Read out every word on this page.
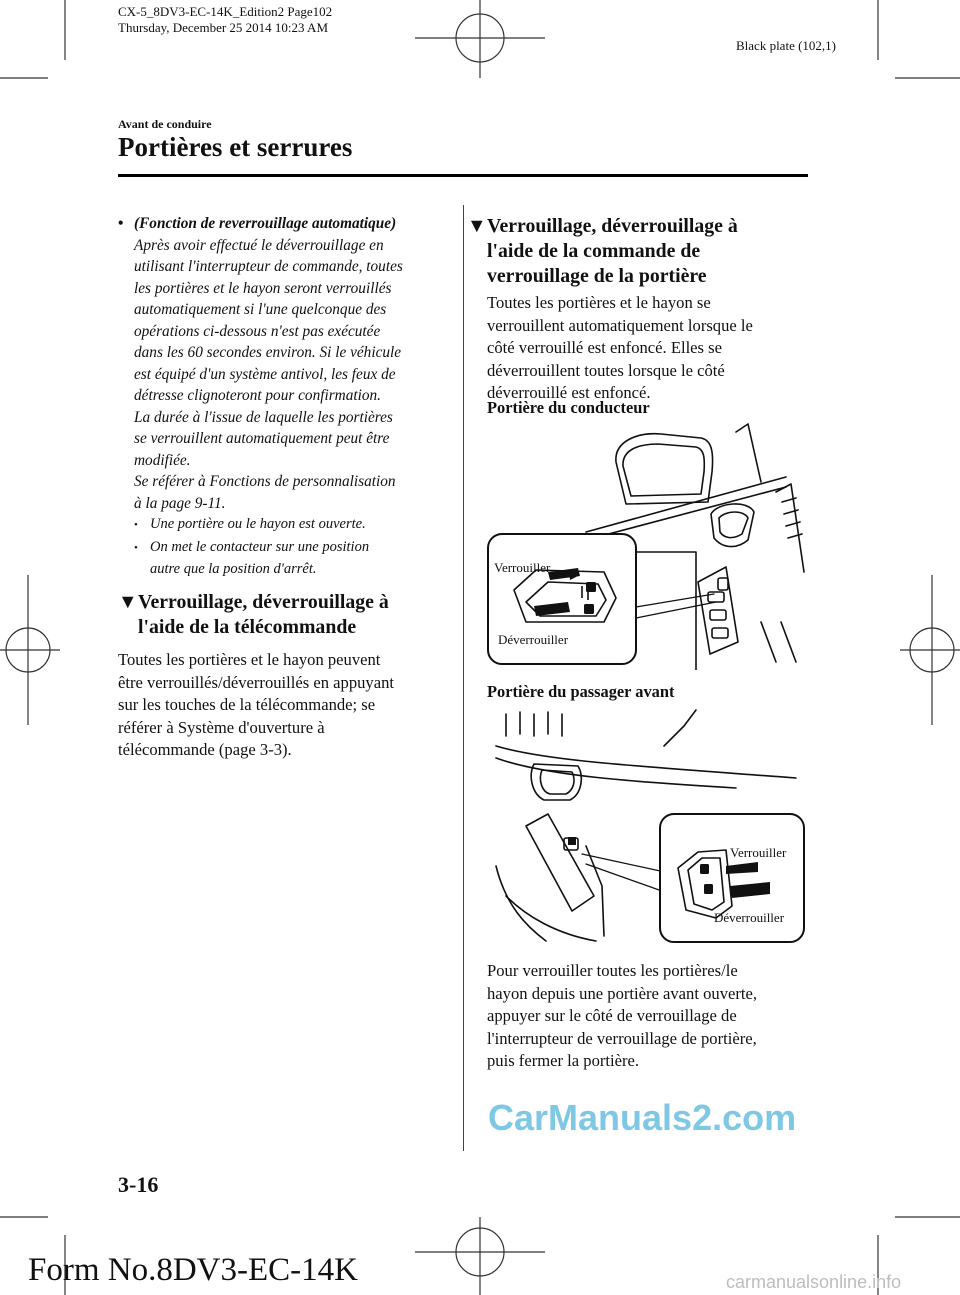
CX-5_8DV3-EC-14K_Edition2 Page102
Thursday, December 25 2014 10:23 AM
Black plate (102,1)
Avant de conduire
Portières et serrures
• (Fonction de reverrouillage automatique)
Après avoir effectué le déverrouillage en
utilisant l'interrupteur de commande, toutes
les portières et le hayon seront verrouillés
automatiquement si l'une quelconque des
opérations ci-dessous n'est pas exécutée
dans les 60 secondes environ. Si le véhicule
est équipé d'un système antivol, les feux de
détresse clignoteront pour confirmation.
La durée à l'issue de laquelle les portières
se verrouillent automatiquement peut être
modifiée.
Se référer à Fonctions de personnalisation
à la page 9-11.
• Une portière ou le hayon est ouverte.
• On met le contacteur sur une position
autre que la position d'arrêt.
▼Verrouillage, déverrouillage à
l'aide de la télécommande
Toutes les portières et le hayon peuvent
être verrouillés/déverrouillés en appuyant
sur les touches de la télécommande; se
référer à Système d'ouverture à
télécommande (page 3-3).
▼Verrouillage, déverrouillage à
l'aide de la commande de
verrouillage de la portière
Toutes les portières et le hayon se
verrouillent automatiquement lorsque le
côté verrouillé est enfoncé. Elles se
déverrouillent toutes lorsque le côté
déverrouillé est enfoncé.
Portière du conducteur
Verrouiller
Déverrouiller
Portière du passager avant
Verrouiller
Déverrouiller
Pour verrouiller toutes les portières/le
hayon depuis une portière avant ouverte,
appuyer sur le côté de verrouillage de
l'interrupteur de verrouillage de portière,
puis fermer la portière.
CarManuals2.com
3-16
Form No.8DV3-EC-14K	carmanualsonline.info
